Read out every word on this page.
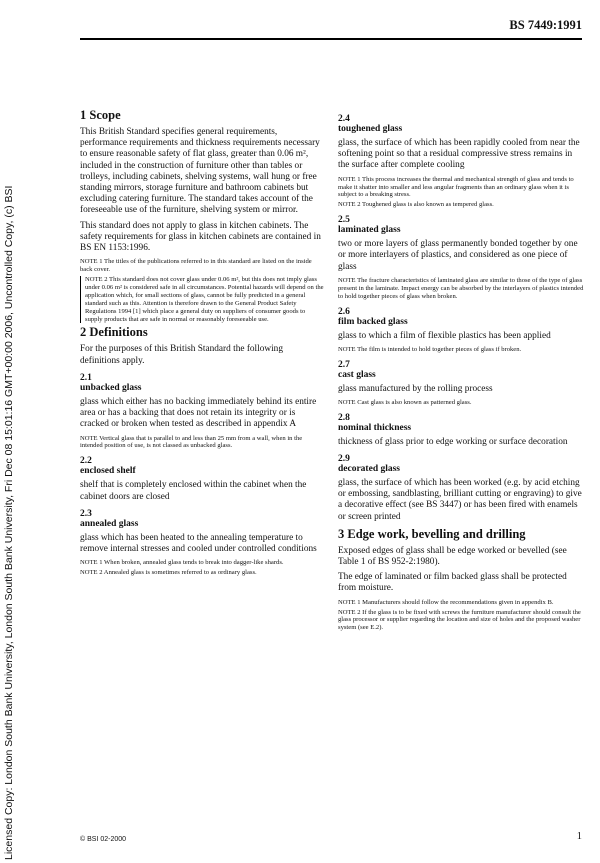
Licensed Copy: London South Bank University, London South Bank University, Fri Dec 08 15:01:16 GMT+00:00 2006, Uncontrolled Copy, (c) BSI
BS 7449:1991
1 Scope

This British Standard specifies general requirements, performance requirements and thickness requirements necessary to ensure reasonable safety of flat glass, greater than 0.06 m², included in the construction of furniture other than tables or trolleys, including cabinets, shelving systems, wall hung or free standing mirrors, storage furniture and bathroom cabinets but excluding catering furniture. The standard takes account of the foreseeable use of the furniture, shelving system or mirror.

This standard does not apply to glass in kitchen cabinets. The safety requirements for glass in kitchen cabinets are contained in BS EN 1153:1996.

NOTE 1 The titles of the publications referred to in this standard are listed on the inside back cover.

NOTE 2 This standard does not cover glass under 0.06 m², but this does not imply glass under 0.06 m² is considered safe in all circumstances. Potential hazards will depend on the application which, for small sections of glass, cannot be fully predicted in a general standard such as this. Attention is therefore drawn to the General Product Safety Regulations 1994 [1] which place a general duty on suppliers of consumer goods to supply products that are safe in normal or reasonably foreseeable use.

2 Definitions

For the purposes of this British Standard the following definitions apply.

2.1
unbacked glass

glass which either has no backing immediately behind its entire area or has a backing that does not retain its integrity or is cracked or broken when tested as described in appendix A

NOTE Vertical glass that is parallel to and less than 25 mm from a wall, when in the intended position of use, is not classed as unbacked glass.

2.2
enclosed shelf

shelf that is completely enclosed within the cabinet when the cabinet doors are closed

2.3
annealed glass

glass which has been heated to the annealing temperature to remove internal stresses and cooled under controlled conditions

NOTE 1 When broken, annealed glass tends to break into dagger-like shards.

NOTE 2 Annealed glass is sometimes referred to as ordinary glass.

2.4
toughened glass

glass, the surface of which has been rapidly cooled from near the softening point so that a residual compressive stress remains in the surface after complete cooling

NOTE 1 This process increases the thermal and mechanical strength of glass and tends to make it shatter into smaller and less angular fragments than an ordinary glass when it is subject to a breaking stress.

NOTE 2 Toughened glass is also known as tempered glass.

2.5
laminated glass

two or more layers of glass permanently bonded together by one or more interlayers of plastics, and considered as one piece of glass

NOTE The fracture characteristics of laminated glass are similar to those of the type of glass present in the laminate. Impact energy can be absorbed by the interlayers of plastics intended to hold together pieces of glass when broken.

2.6
film backed glass

glass to which a film of flexible plastics has been applied

NOTE The film is intended to hold together pieces of glass if broken.

2.7
cast glass

glass manufactured by the rolling process

NOTE Cast glass is also known as patterned glass.

2.8
nominal thickness

thickness of glass prior to edge working or surface decoration

2.9
decorated glass

glass, the surface of which has been worked (e.g. by acid etching or embossing, sandblasting, brilliant cutting or engraving) to give a decorative effect (see BS 3447) or has been fired with enamels or screen printed

3 Edge work, bevelling and drilling

Exposed edges of glass shall be edge worked or bevelled (see Table 1 of BS 952-2:1980).

The edge of laminated or film backed glass shall be protected from moisture.

NOTE 1 Manufacturers should follow the recommendations given in appendix B.

NOTE 2 If the glass is to be fixed with screws the furniture manufacturer should consult the glass processor or supplier regarding the location and size of holes and the proposed washer system (see E.2).

© BSI 02-2000	1
